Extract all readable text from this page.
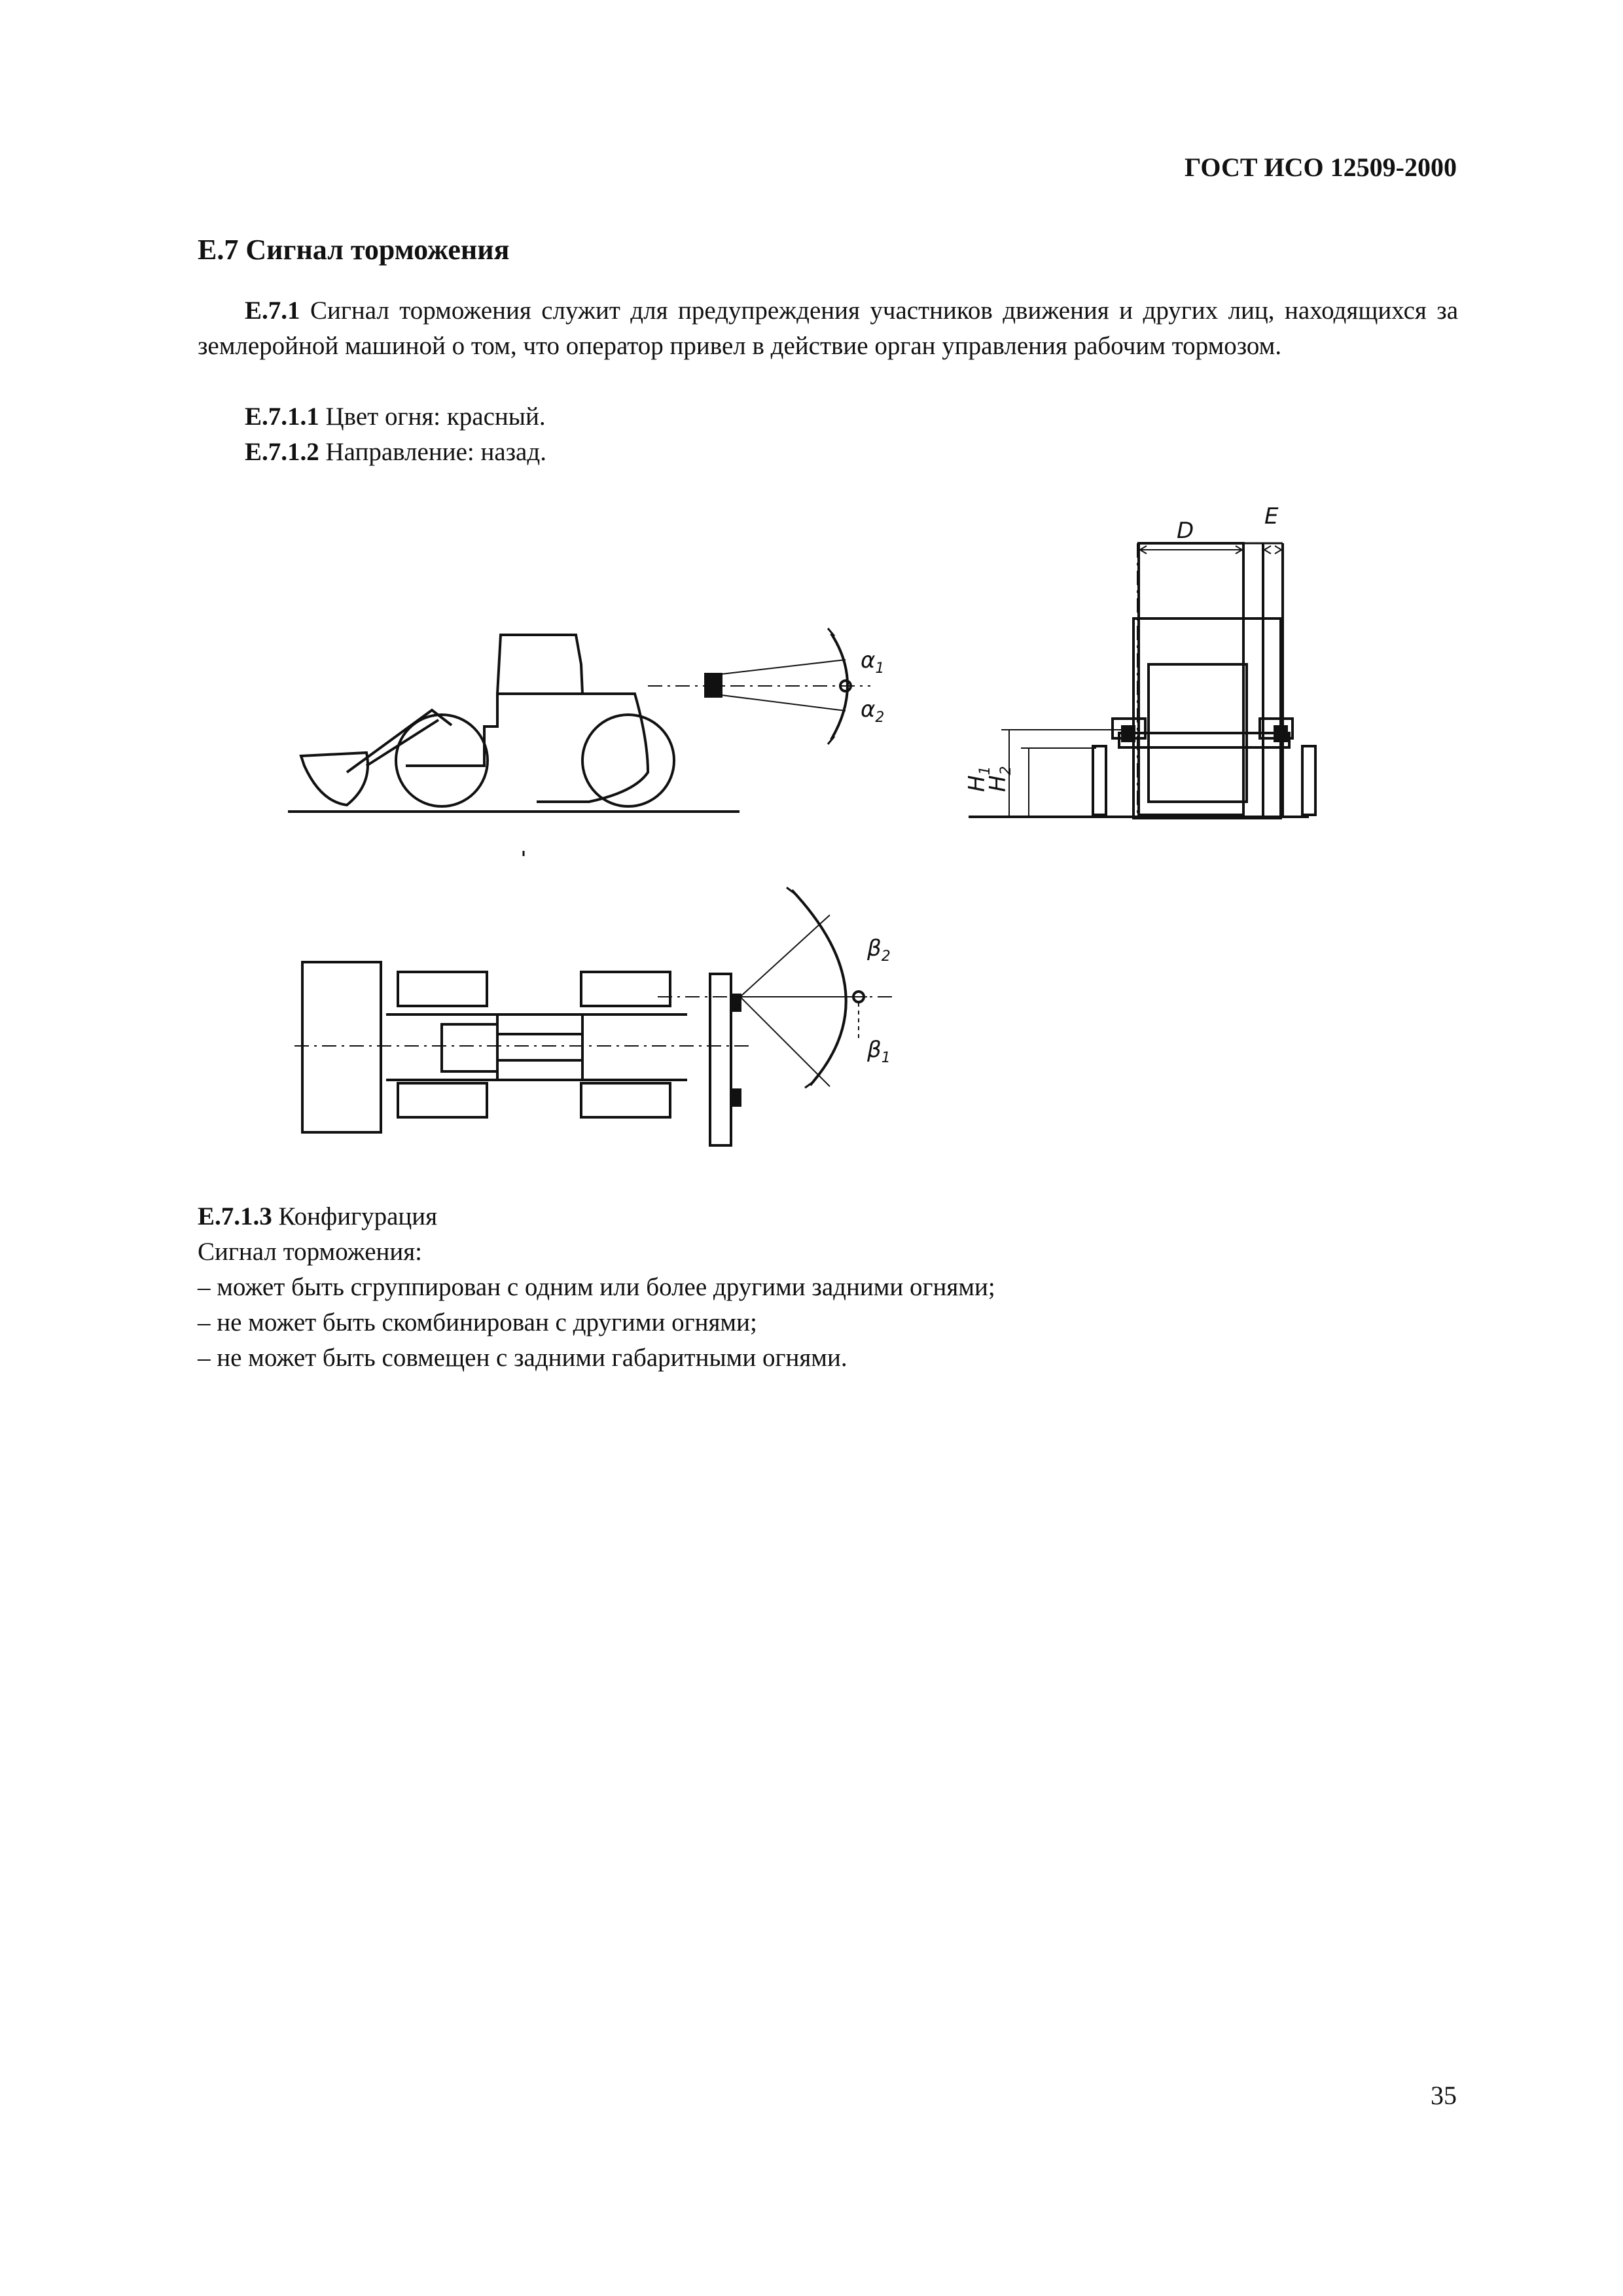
ГОСТ ИСО 12509-2000

Е.7 Сигнал торможения

Е.7.1 Сигнал торможения служит для предупреждения участников движения и других лиц, находящихся за землеройной машиной о том, что оператор привел в действие орган управления рабочим тормозом.

Е.7.1.1 Цвет огня: красный.

Е.7.1.2 Направление: назад.

$\alpha_1$
$\alpha_2$
D
E
$H_1$
$H_2$
$\beta_2$
$\beta_1$

Е.7.1.3 Конфигурация

Сигнал торможения:

– может быть сгруппирован с одним или более другими задними огнями;

– не может быть скомбинирован с другими огнями;

– не может быть совмещен с задними габаритными огнями.

35
